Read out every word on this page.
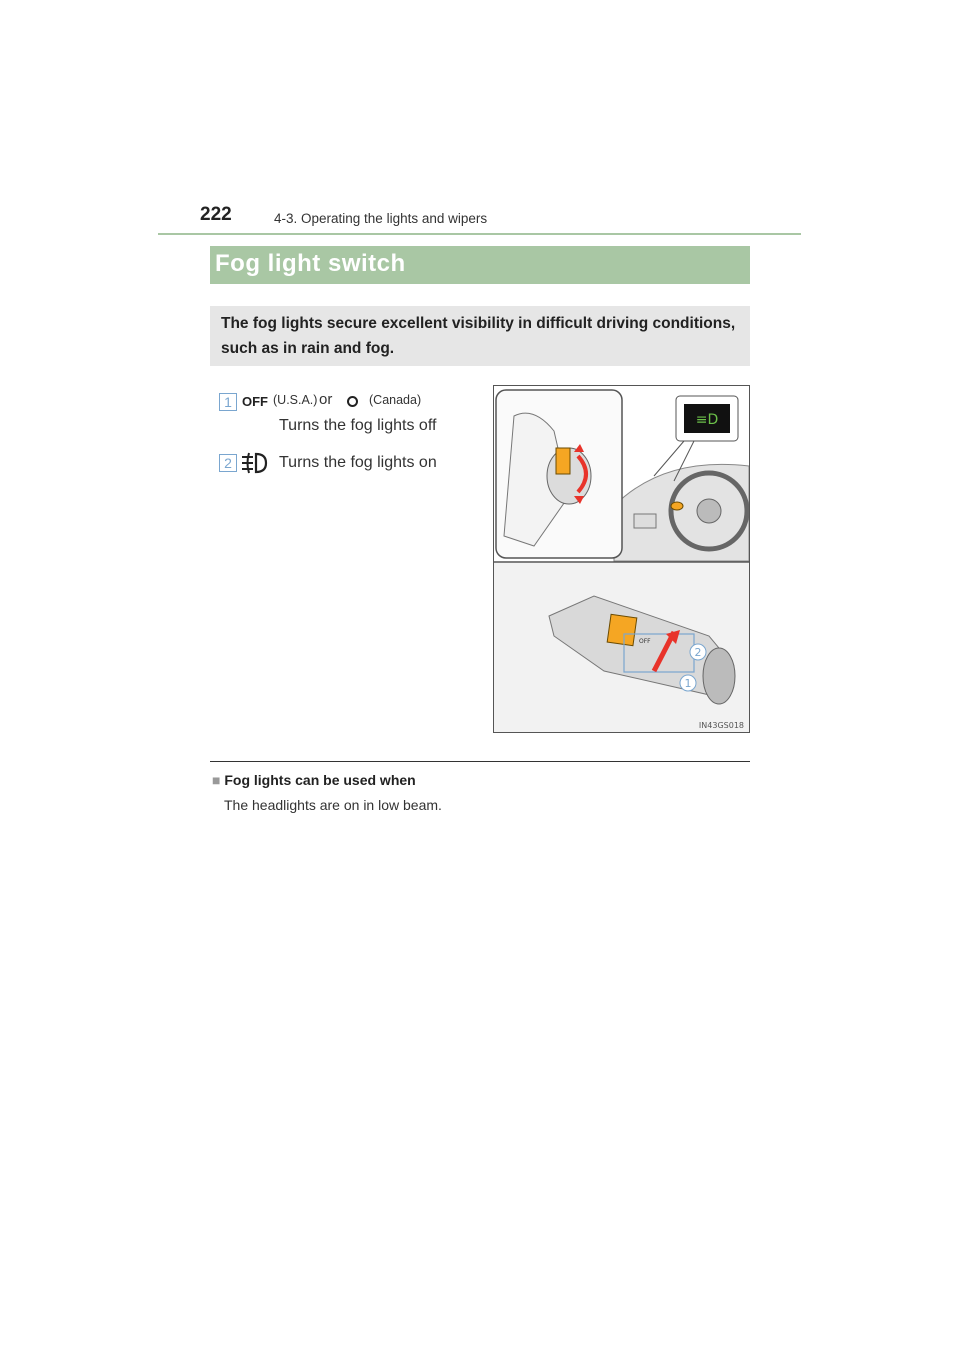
222	4-3. Operating the lights and wipers
Fog light switch
The fog lights secure excellent visibility in difficult driving conditions, such as in rain and fog.
1 OFF (U.S.A.) or	(Canada)
Turns the fog lights off
2	Turns the fog lights on
≡D
OFF
2
1
IN43GS018
■ Fog lights can be used when
The headlights are on in low beam.
